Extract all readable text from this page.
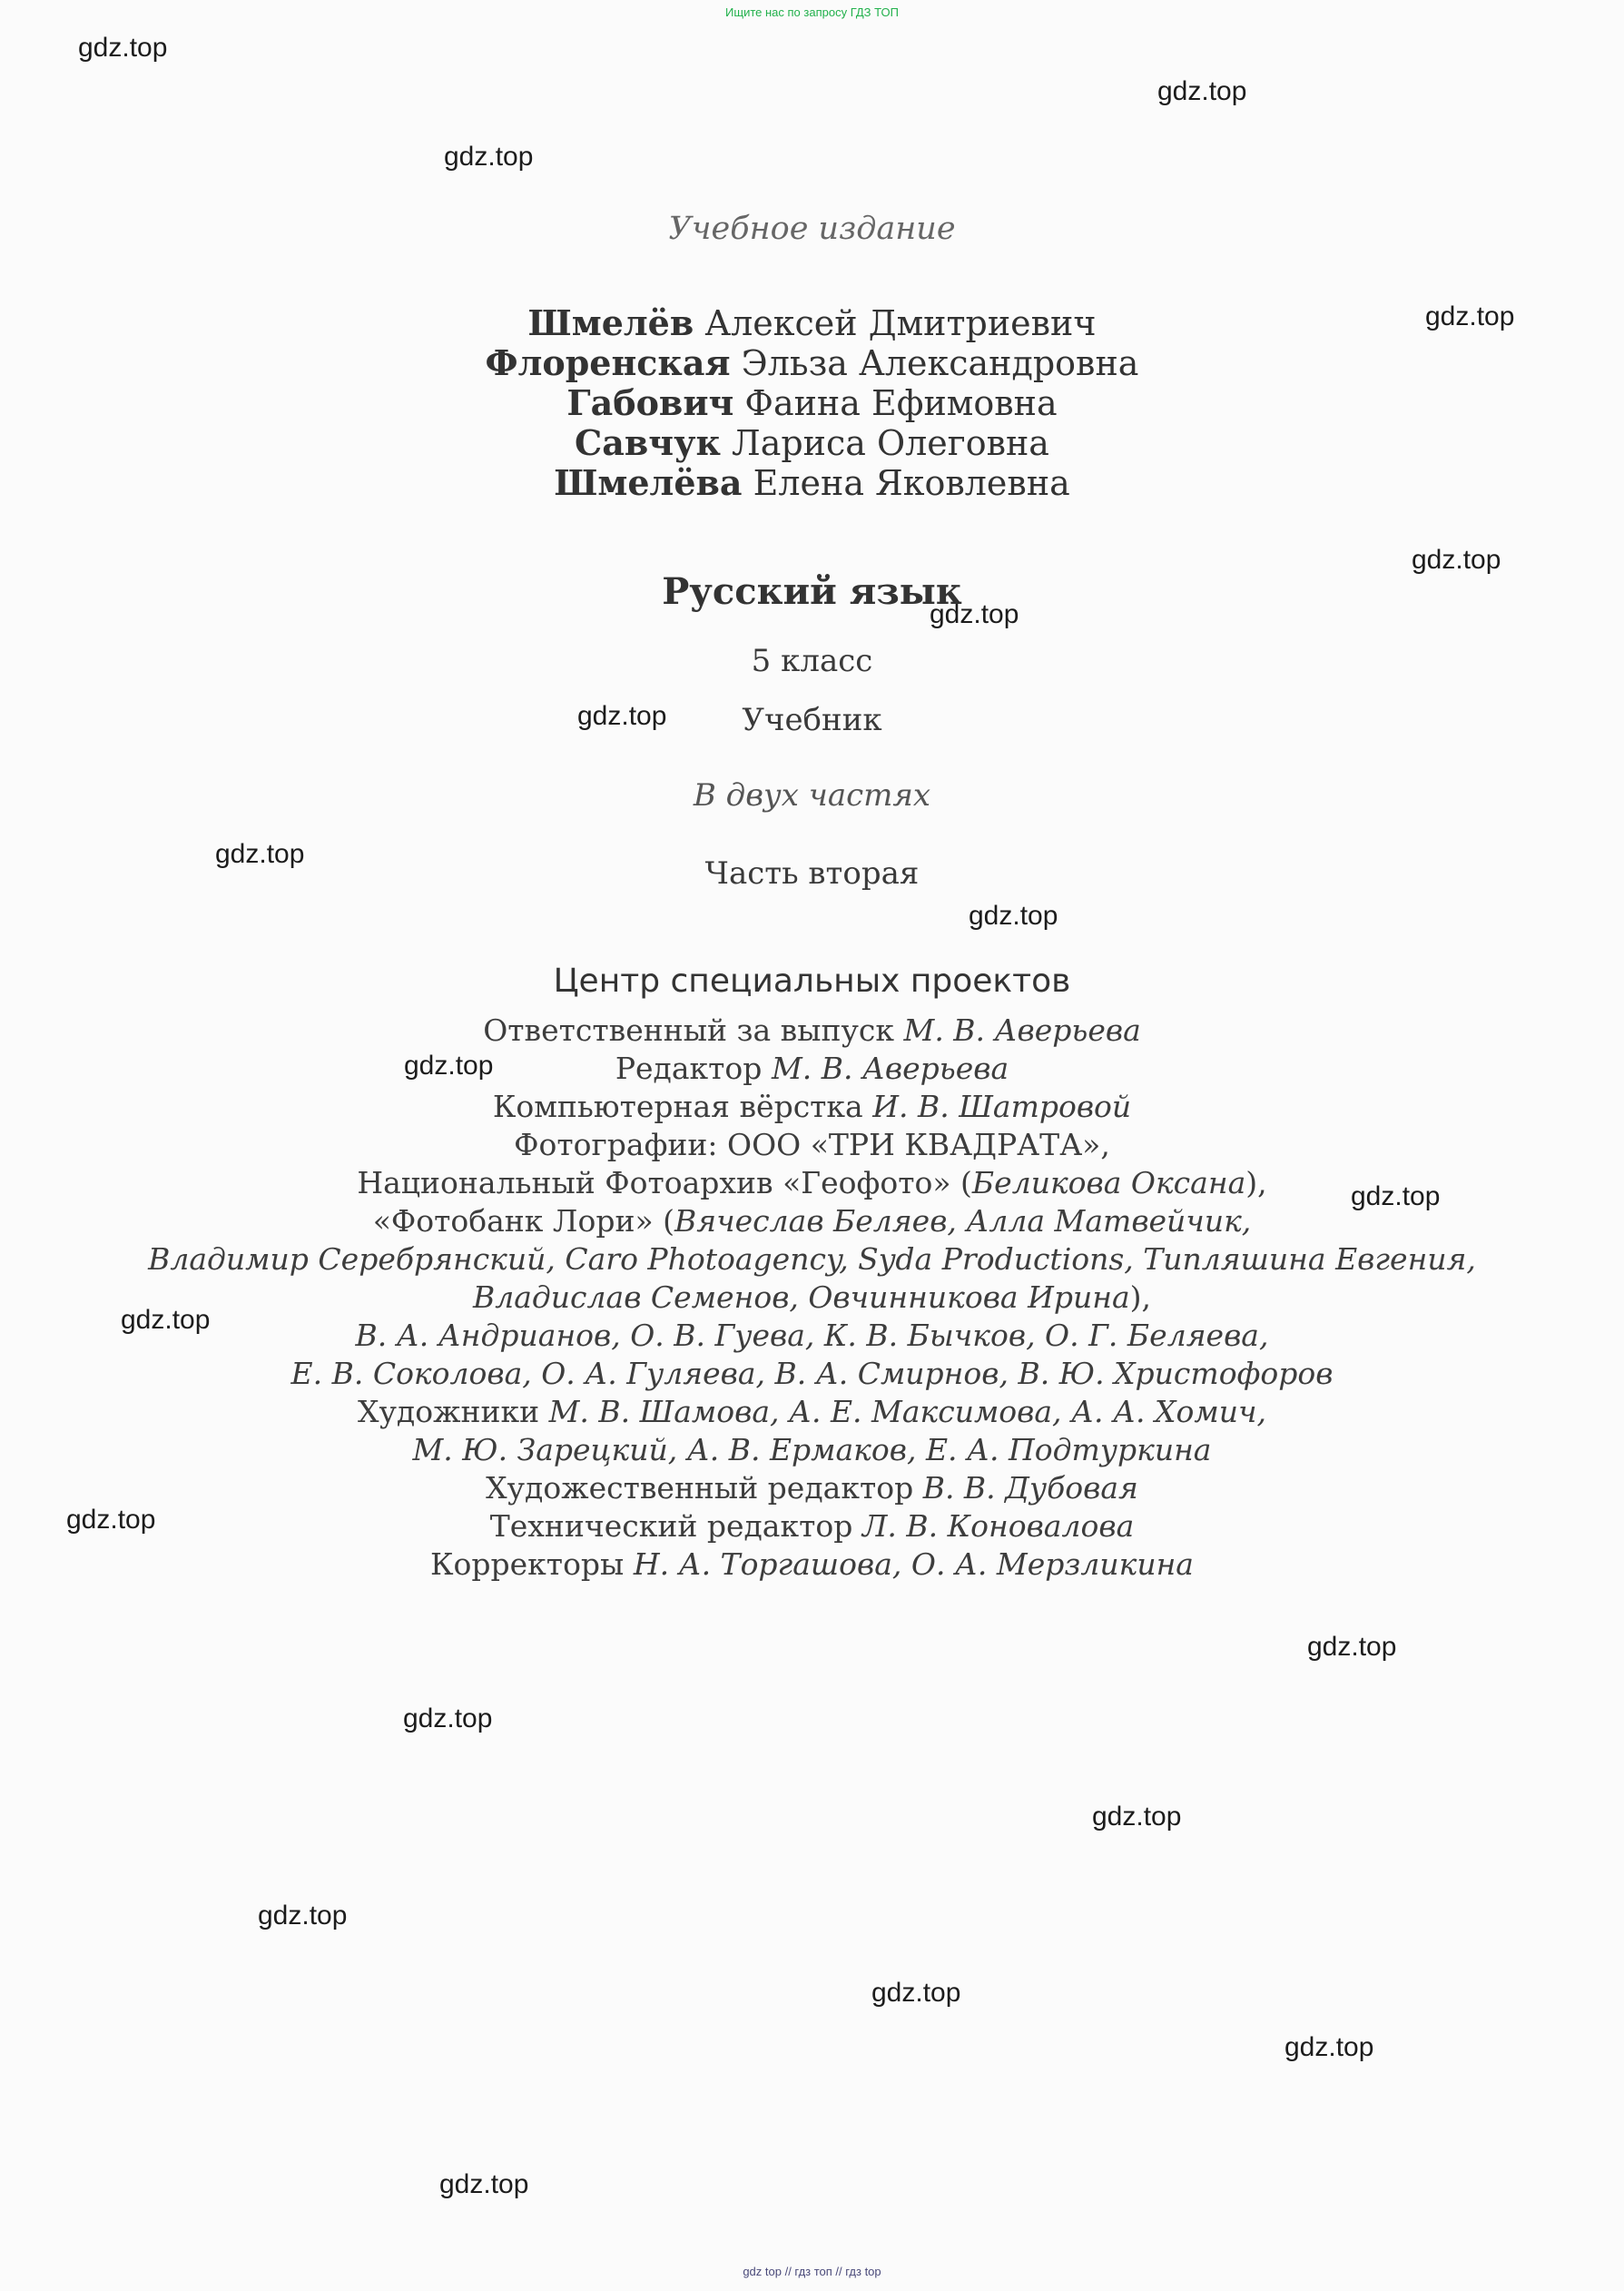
Ищите нас по запросу ГДЗ ТОП
gdz.top
gdz.top
gdz.top
gdz.top
gdz.top
gdz.top
gdz.top
gdz.top
gdz.top
gdz.top
gdz.top
gdz.top
gdz.top
gdz.top
gdz.top
gdz.top
gdz.top
gdz.top
gdz.top
gdz.top
Учебное издание
Шмелёв Алексей Дмитриевич
Флоренская Эльза Александровна
Габович Фаина Ефимовна
Савчук Лариса Олеговна
Шмелёва Елена Яковлевна
Русский язык
5 класс
Учебник
В двух частях
Часть вторая
Центр специальных проектов
Ответственный за выпуск М. В. Аверьева
Редактор М. В. Аверьева
Компьютерная вёрстка И. В. Шатровой
Фотографии: ООО «ТРИ КВАДРАТА»,
Национальный Фотоархив «Геофото» (Беликова Оксана),
«Фотобанк Лори» (Вячеслав Беляев, Алла Матвейчик,
Владимир Серебрянский, Caro Photoagency, Syda Productions, Типляшина Евгения,
Владислав Семенов, Овчинникова Ирина),
В. А. Андрианов, О. В. Гуева, К. В. Бычков, О. Г. Беляева,
Е. В. Соколова, О. А. Гуляева, В. А. Смирнов, В. Ю. Христофоров
Художники М. В. Шамова, А. Е. Максимова, А. А. Хомич,
М. Ю. Зарецкий, А. В. Ермаков, Е. А. Подтуркина
Художественный редактор В. В. Дубовая
Технический редактор Л. В. Коновалова
Корректоры Н. А. Торгашова, О. А. Мерзликина
gdz top // гдз топ // гдз top
